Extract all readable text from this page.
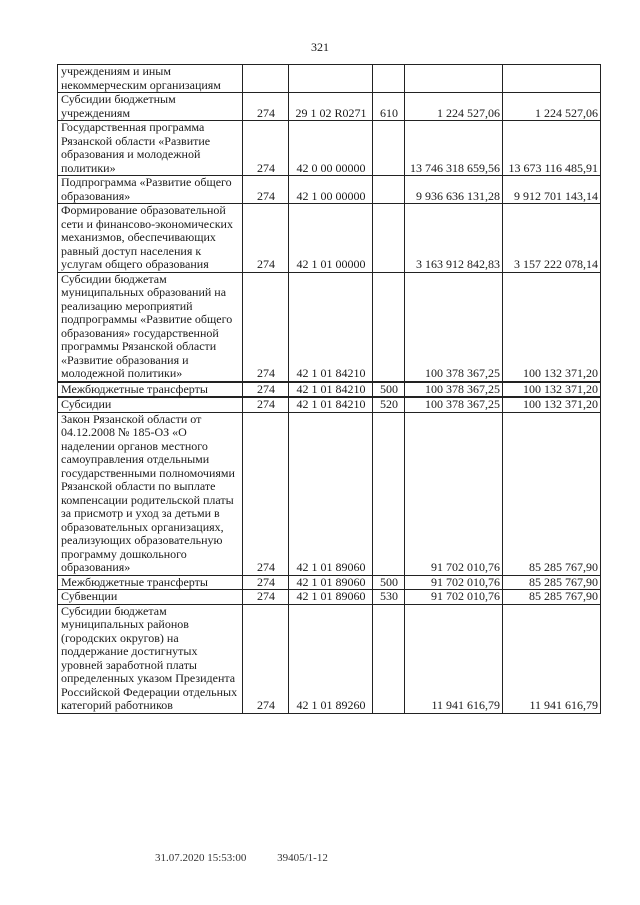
321
учреждениям и иным некоммерческим организациям					
Субсидии бюджетным учреждениям	274	29 1 02 R0271	610	1 224 527,06	1 224 527,06
Государственная программа Рязанской области «Развитие образования и молодежной политики»	274	42 0 00 00000		13 746 318 659,56	13 673 116 485,91
Подпрограмма «Развитие общего образования»	274	42 1 00 00000		9 936 636 131,28	9 912 701 143,14
Формирование образовательной сети и финансово-экономических механизмов, обеспечивающих равный доступ населения к услугам общего образования	274	42 1 01 00000		3 163 912 842,83	3 157 222 078,14
Субсидии бюджетам муниципальных образований на реализацию мероприятий подпрограммы «Развитие общего образования» государственной программы Рязанской области «Развитие образования и молодежной политики»	274	42 1 01 84210		100 378 367,25	100 132 371,20
Межбюджетные трансферты	274	42 1 01 84210	500	100 378 367,25	100 132 371,20
Субсидии	274	42 1 01 84210	520	100 378 367,25	100 132 371,20
Закон Рязанской области от 04.12.2008 № 185-ОЗ «О наделении органов местного самоуправления отдельными государственными полномочиями Рязанской области по выплате компенсации родительской платы за присмотр и уход за детьми в образовательных организациях, реализующих образовательную программу дошкольного образования»	274	42 1 01 89060		91 702 010,76	85 285 767,90
Межбюджетные трансферты	274	42 1 01 89060	500	91 702 010,76	85 285 767,90
Субвенции	274	42 1 01 89060	530	91 702 010,76	85 285 767,90
Субсидии бюджетам муниципальных районов (городских округов) на поддержание достигнутых уровней заработной платы определенных указом Президента Российской Федерации отдельных категорий работников	274	42 1 01 89260		11 941 616,79	11 941 616,79
31.07.2020 15:53:00	39405/1-12
